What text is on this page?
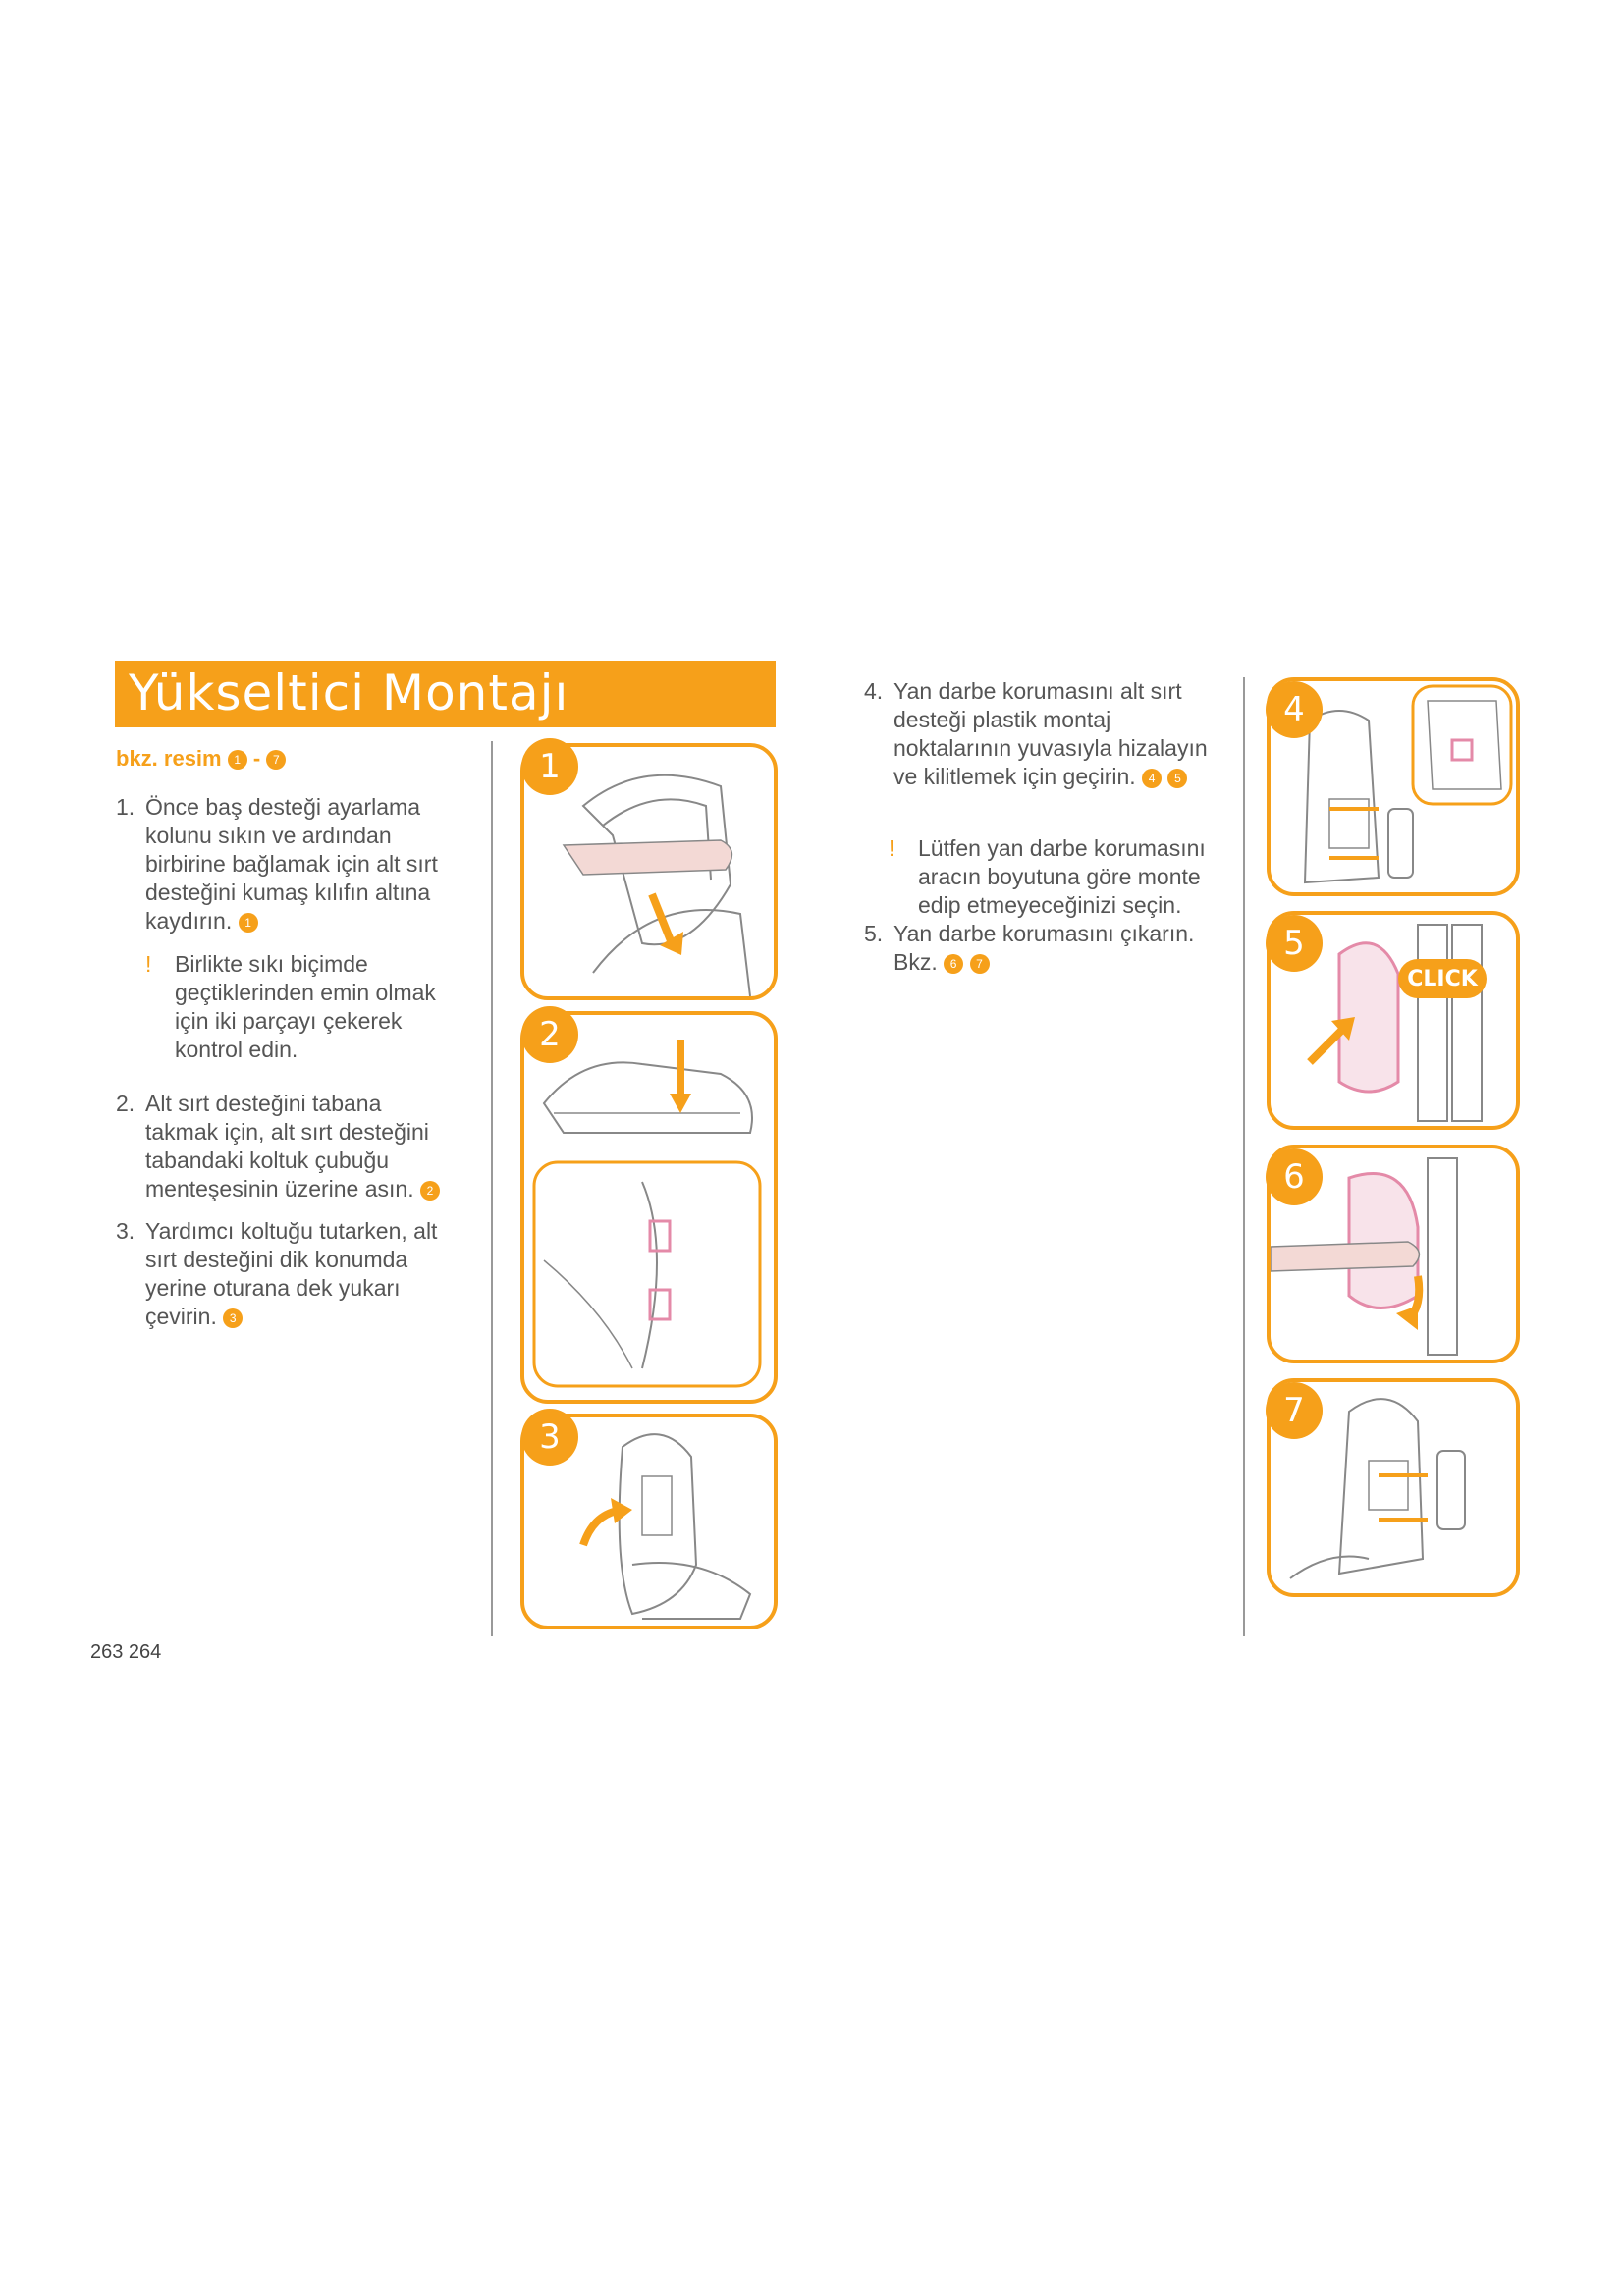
Yükseltici Montajı
bkz. resim 1 - 7
1. Önce baş desteği ayarlama kolunu sıkın ve ardından birbirine bağlamak için alt sırt desteğini kumaş kılıfın altına kaydırın. 1
! Birlikte sıkı biçimde geçtiklerinden emin olmak için iki parçayı çekerek kontrol edin.
2. Alt sırt desteğini tabana takmak için, alt sırt desteğini tabandaki koltuk çubuğu menteşesinin üzerine asın. 2
3. Yardımcı koltuğu tutarken, alt sırt desteğini dik konumda yerine oturana dek yukarı çevirin. 3
4. Yan darbe korumasını alt sırt desteği plastik montaj noktalarının yuvasıyla hizalayın ve kilitlemek için geçirin. 4 5
! Lütfen yan darbe korumasını aracın boyutuna göre monte edip etmeyeceğinizi seçin.
5. Yan darbe korumasını çıkarın. Bkz. 6 7
1
2
3
4
CLICK
5
6
7
263 264
